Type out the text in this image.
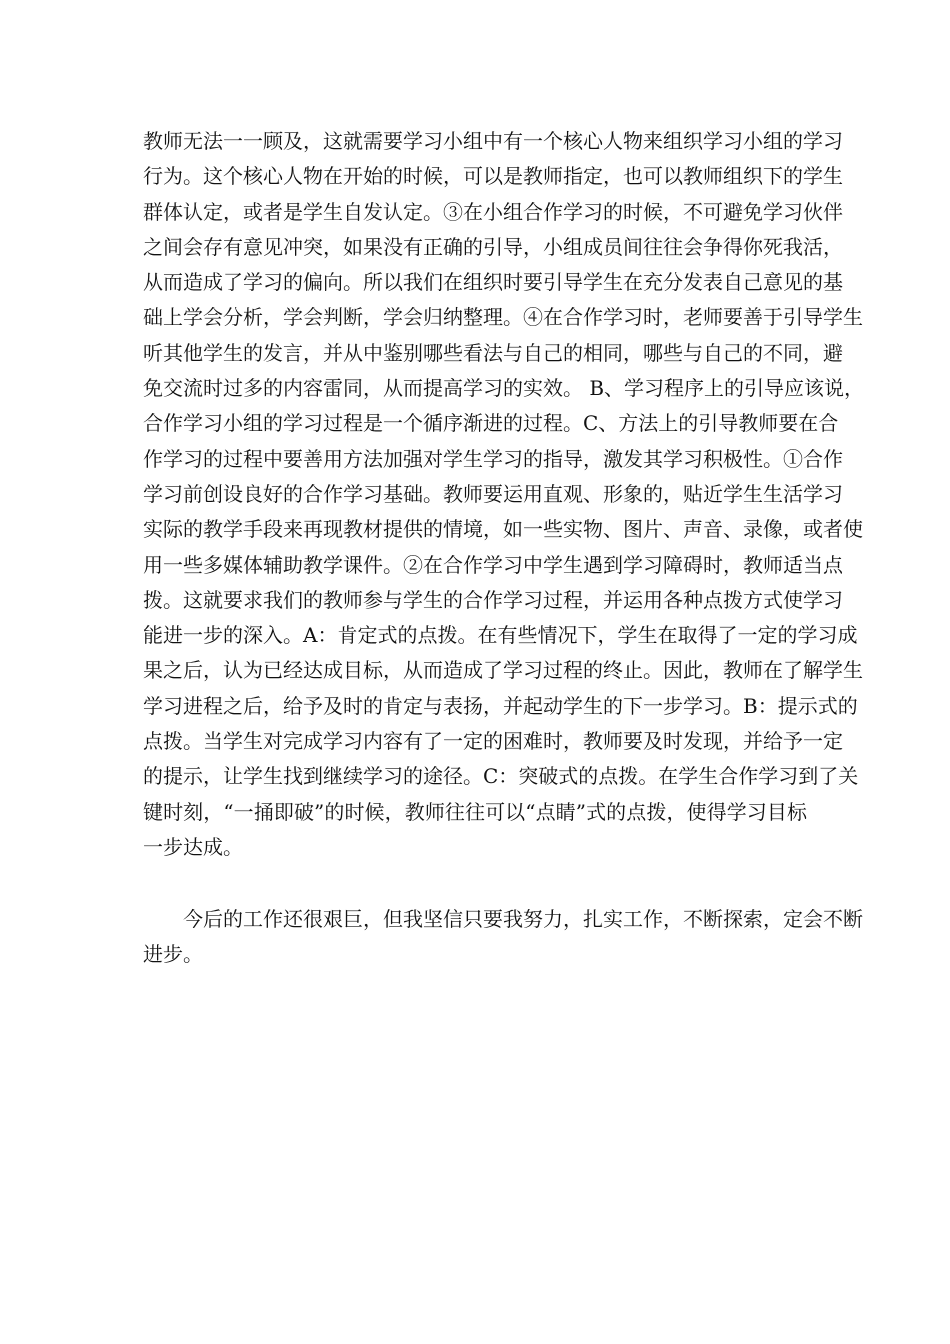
教师无法一一顾及，这就需要学习小组中有一个核心人物来组织学习小组的学习
行为。这个核心人物在开始的时候，可以是教师指定，也可以教师组织下的学生
群体认定，或者是学生自发认定。③在小组合作学习的时候，不可避免学习伙伴
之间会存有意见冲突，如果没有正确的引导，小组成员间往往会争得你死我活，
从而造成了学习的偏向。所以我们在组织时要引导学生在充分发表自己意见的基
础上学会分析，学会判断，学会归纳整理。④在合作学习时，老师要善于引导学生
听其他学生的发言，并从中鉴别哪些看法与自己的相同，哪些与自己的不同，避
免交流时过多的内容雷同，从而提高学习的实效。 B、学习程序上的引导应该说，
合作学习小组的学习过程是一个循序渐进的过程。C、方法上的引导教师要在合
作学习的过程中要善用方法加强对学生学习的指导，激发其学习积极性。①合作
学习前创设良好的合作学习基础。教师要运用直观、形象的，贴近学生生活学习
实际的教学手段来再现教材提供的情境，如一些实物、图片、声音、录像，或者使
用一些多媒体辅助教学课件。②在合作学习中学生遇到学习障碍时，教师适当点
拨。这就要求我们的教师参与学生的合作学习过程，并运用各种点拨方式使学习
能进一步的深入。A：肯定式的点拨。在有些情况下，学生在取得了一定的学习成
果之后，认为已经达成目标，从而造成了学习过程的终止。因此，教师在了解学生
学习进程之后，给予及时的肯定与表扬，并起动学生的下一步学习。B：提示式的
点拨。当学生对完成学习内容有了一定的困难时，教师要及时发现，并给予一定
的提示，让学生找到继续学习的途径。C：突破式的点拨。在学生合作学习到了关
键时刻，“一捅即破”的时候，教师往往可以“点睛”式的点拨，使得学习目标
一步达成。
今后的工作还很艰巨，但我坚信只要我努力，扎实工作，不断探索，定会不断
进步。
